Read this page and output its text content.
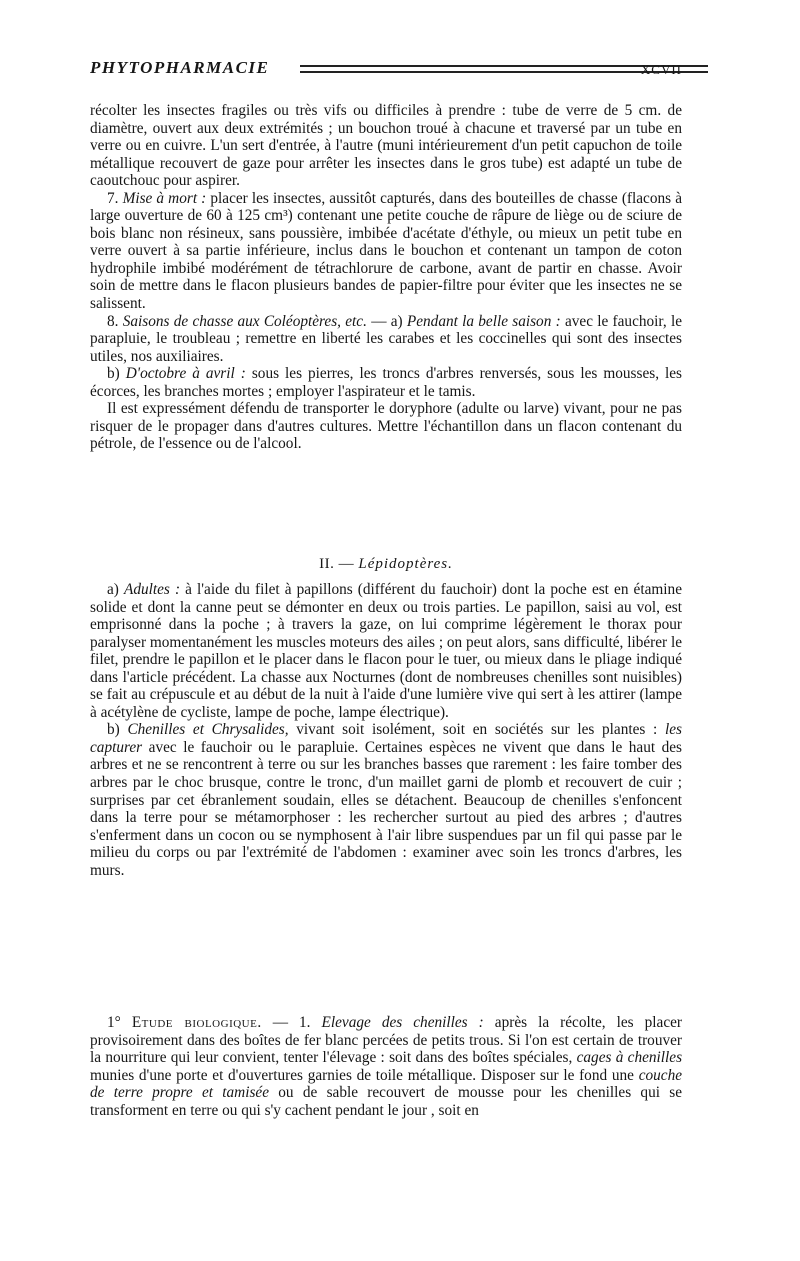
PHYTOPHARMACIE	XCVII

récolter les insectes fragiles ou très vifs ou difficiles à prendre : tube de verre de 5 cm. de diamètre, ouvert aux deux extrémités ; un bouchon troué à chacune et traversé par un tube en verre ou en cuivre. L'un sert d'entrée, à l'autre (muni intérieurement d'un petit capuchon de toile métallique recouvert de gaze pour arrêter les insectes dans le gros tube) est adapté un tube de caoutchouc pour aspirer.

7. Mise à mort : placer les insectes, aussitôt capturés, dans des bouteilles de chasse (flacons à large ouverture de 60 à 125 cm³) contenant une petite couche de râpure de liège ou de sciure de bois blanc non résineux, sans poussière, imbibée d'acétate d'éthyle, ou mieux un petit tube en verre ouvert à sa partie inférieure, inclus dans le bouchon et contenant un tampon de coton hydrophile imbibé modérément de tétrachlorure de carbone, avant de partir en chasse. Avoir soin de mettre dans le flacon plusieurs bandes de papier-filtre pour éviter que les insectes ne se salissent.

8. Saisons de chasse aux Coléoptères, etc. — a) Pendant la belle saison : avec le fauchoir, le parapluie, le troubleau ; remettre en liberté les carabes et les coccinelles qui sont des insectes utiles, nos auxiliaires.

b) D'octobre à avril : sous les pierres, les troncs d'arbres renversés, sous les mousses, les écorces, les branches mortes ; employer l'aspirateur et le tamis.

Il est expressément défendu de transporter le doryphore (adulte ou larve) vivant, pour ne pas risquer de le propager dans d'autres cultures. Mettre l'échantillon dans un flacon contenant du pétrole, de l'essence ou de l'alcool.

II. — Lépidoptères.

a) Adultes : à l'aide du filet à papillons (différent du fauchoir) dont la poche est en étamine solide et dont la canne peut se démonter en deux ou trois parties. Le papillon, saisi au vol, est emprisonné dans la poche ; à travers la gaze, on lui comprime légèrement le thorax pour paralyser momentanément les muscles moteurs des ailes ; on peut alors, sans difficulté, libérer le filet, prendre le papillon et le placer dans le flacon pour le tuer, ou mieux dans le pliage indiqué dans l'article précédent. La chasse aux Nocturnes (dont de nombreuses chenilles sont nuisibles) se fait au crépuscule et au début de la nuit à l'aide d'une lumière vive qui sert à les attirer (lampe à acétylène de cycliste, lampe de poche, lampe électrique).

b) Chenilles et Chrysalides, vivant soit isolément, soit en sociétés sur les plantes : les capturer avec le fauchoir ou le parapluie. Certaines espèces ne vivent que dans le haut des arbres et ne se rencontrent à terre ou sur les branches basses que rarement : les faire tomber des arbres par le choc brusque, contre le tronc, d'un maillet garni de plomb et recouvert de cuir ; surprises par cet ébranlement soudain, elles se détachent. Beaucoup de chenilles s'enfoncent dans la terre pour se métamorphoser : les rechercher surtout au pied des arbres ; d'autres s'enferment dans un cocon ou se nymphosent à l'air libre suspendues par un fil qui passe par le milieu du corps ou par l'extrémité de l'abdomen : examiner avec soin les troncs d'arbres, les murs.

1° Etude biologique. — 1. Elevage des chenilles : après la récolte, les placer provisoirement dans des boîtes de fer blanc percées de petits trous. Si l'on est certain de trouver la nourriture qui leur convient, tenter l'élevage : soit dans des boîtes spéciales, cages à chenilles munies d'une porte et d'ouvertures garnies de toile métallique. Disposer sur le fond une couche de terre propre et tamisée ou de sable recouvert de mousse pour les chenilles qui se transforment en terre ou qui s'y cachent pendant le jour , soit en
